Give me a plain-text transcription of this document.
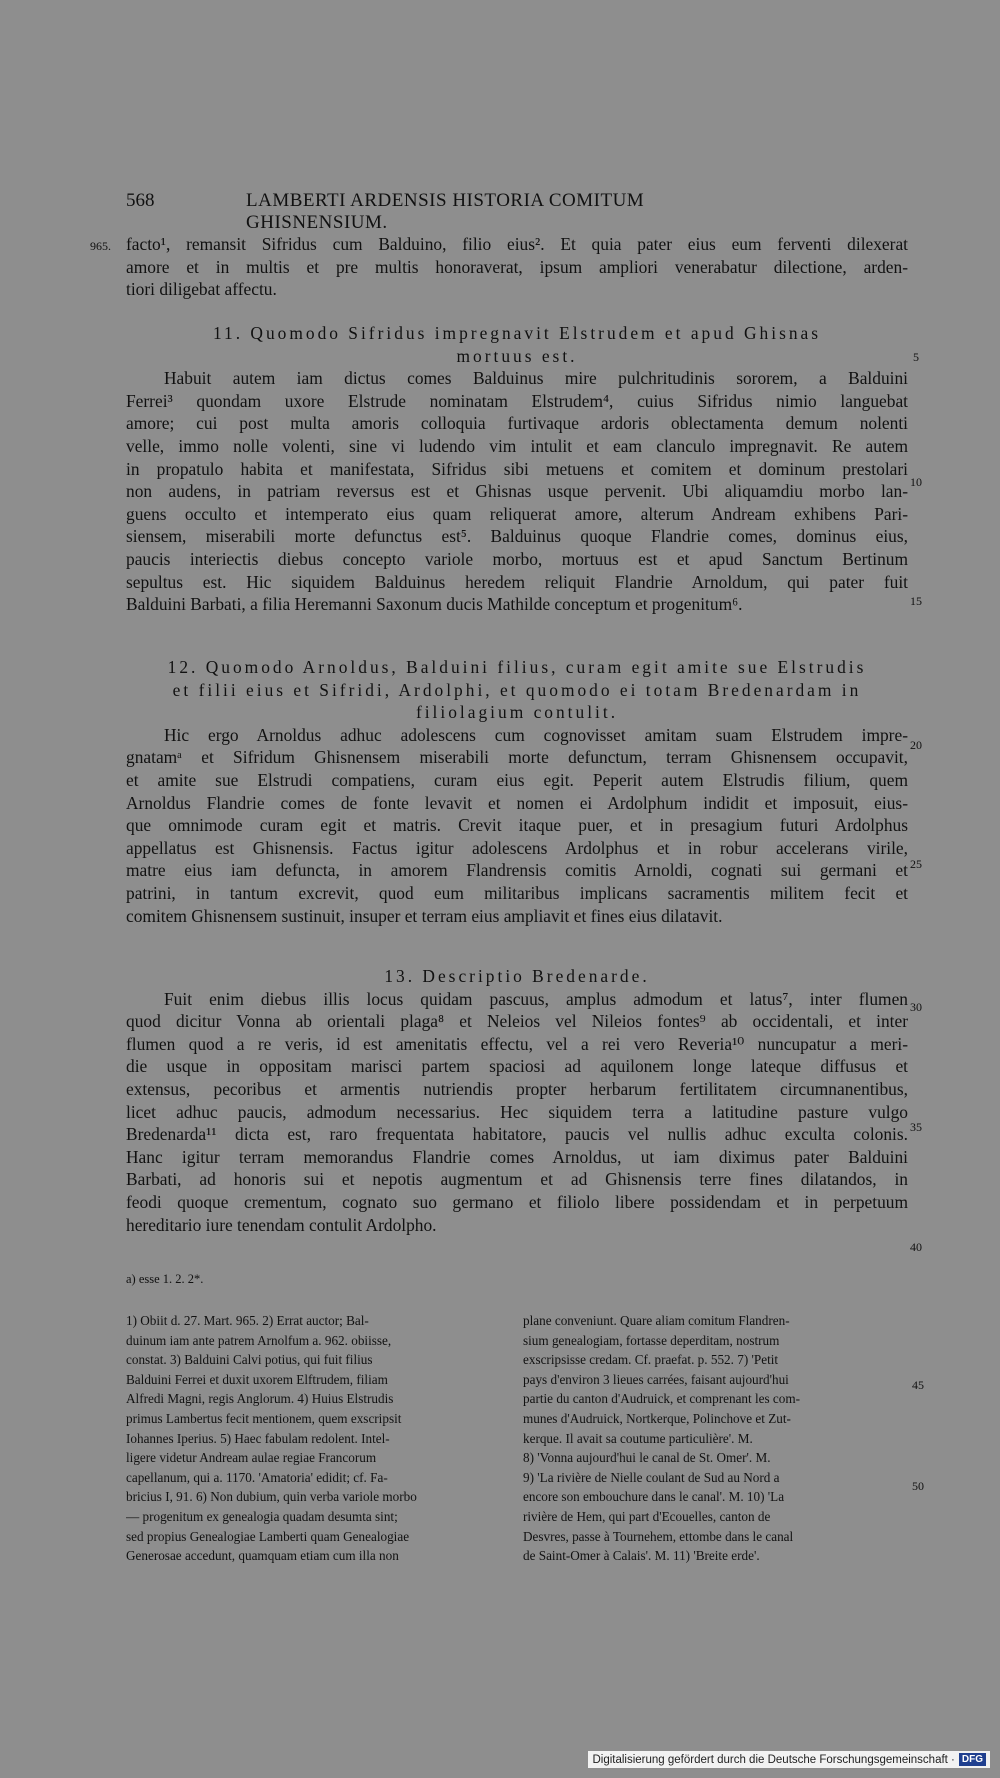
568	LAMBERTI ARDENSIS HISTORIA COMITUM GHISNENSIUM.
965. facto¹, remansit Sifridus cum Balduino, filio eius². Et quia pater eius eum ferventi dilexerat
amore et in multis et pre multis honoraverat, ipsum ampliori venerabatur dilectione, arden-
tiori diligebat affectu.
11. Quomodo Sifridus impregnavit Elstrudem et apud Ghisnas
mortuus est.
Habuit autem iam dictus comes Balduinus mire pulchritudinis sororem, a Balduini
Ferrei³ quondam uxore Elstrude nominatam Elstrudem⁴, cuius Sifridus nimio languebat
amore; cui post multa amoris colloquia furtivaque ardoris oblectamenta demum nolenti
velle, immo nolle volenti, sine vi ludendo vim intulit et eam clanculo impregnavit. Re autem
in propatulo habita et manifestata, Sifridus sibi metuens et comitem et dominum prestolari
non audens, in patriam reversus est et Ghisnas usque pervenit. Ubi aliquamdiu morbo lan-
guens occulto et intemperato eius quam reliquerat amore, alterum Andream exhibens Pari-
siensem, miserabili morte defunctus est⁵. Balduinus quoque Flandrie comes, dominus eius,
paucis interiectis diebus concepto variole morbo, mortuus est et apud Sanctum Bertinum
sepultus est. Hic siquidem Balduinus heredem reliquit Flandrie Arnoldum, qui pater fuit
Balduini Barbati, a filia Heremanni Saxonum ducis Mathilde conceptum et progenitum⁶.
12. Quomodo Arnoldus, Balduini filius, curam egit amite sue Elstrudis
et filii eius et Sifridi, Ardolphi, et quomodo ei totam Bredenardam in
filiolagium contulit.
Hic ergo Arnoldus adhuc adolescens cum cognovisset amitam suam Elstrudem impre-
gnatamᵃ et Sifridum Ghisnensem miserabili morte defunctum, terram Ghisnensem occupavit,
et amite sue Elstrudi compatiens, curam eius egit. Peperit autem Elstrudis filium, quem
Arnoldus Flandrie comes de fonte levavit et nomen ei Ardolphum indidit et imposuit, eius-
que omnimode curam egit et matris. Crevit itaque puer, et in presagium futuri Ardolphus
appellatus est Ghisnensis. Factus igitur adolescens Ardolphus et in robur accelerans virile,
matre eius iam defuncta, in amorem Flandrensis comitis Arnoldi, cognati sui germani et
patrini, in tantum excrevit, quod eum militaribus implicans sacramentis militem fecit et
comitem Ghisnensem sustinuit, insuper et terram eius ampliavit et fines eius dilatavit.
13. Descriptio Bredenarde.
Fuit enim diebus illis locus quidam pascuus, amplus admodum et latus⁷, inter flumen
quod dicitur Vonna ab orientali plaga⁸ et Neleios vel Nileios fontes⁹ ab occidentali, et inter
flumen quod a re veris, id est amenitatis effectu, vel a rei vero Reveria¹⁰ nuncupatur a meri-
die usque in oppositam marisci partem spaciosi ad aquilonem longe lateque diffusus et
extensus, pecoribus et armentis nutriendis propter herbarum fertilitatem circumnanentibus,
licet adhuc paucis, admodum necessarius. Hec siquidem terra a latitudine pasture vulgo
Bredenarda¹¹ dicta est, raro frequentata habitatore, paucis vel nullis adhuc exculta colonis.
Hanc igitur terram memorandus Flandrie comes Arnoldus, ut iam diximus pater Balduini
Barbati, ad honoris sui et nepotis augmentum et ad Ghisnensis terre fines dilatandos, in
feodi quoque crementum, cognato suo germano et filiolo libere possidendam et in perpetuum
hereditario iure tenendam contulit Ardolpho.
5
10
15
20
25
30
35
40
45
50
a) esse 1. 2. 2*.
1) Obiit d. 27. Mart. 965. 2) Errat auctor; Bal-
duinum iam ante patrem Arnolfum a. 962. obiisse,
constat. 3) Balduini Calvi potius, qui fuit filius
Balduini Ferrei et duxit uxorem Elftrudem, filiam
Alfredi Magni, regis Anglorum. 4) Huius Elstrudis
primus Lambertus fecit mentionem, quem exscripsit
Iohannes Iperius. 5) Haec fabulam redolent. Intel-
ligere videtur Andream aulae regiae Francorum
capellanum, qui a. 1170. 'Amatoria' edidit; cf. Fa-
bricius I, 91. 6) Non dubium, quin verba variole morbo
— progenitum ex genealogia quadam desumta sint;
sed propius Genealogiae Lamberti quam Genealogiae
Generosae accedunt, quamquam etiam cum illa non
plane conveniunt. Quare aliam comitum Flandren-
sium genealogiam, fortasse deperditam, nostrum
exscripsisse credam. Cf. praefat. p. 552. 7) 'Petit
pays d'environ 3 lieues carrées, faisant aujourd'hui
partie du canton d'Audruick, et comprenant les com-
munes d'Audruick, Nortkerque, Polinchove et Zut-
kerque. Il avait sa coutume particulière'. M.
8) 'Vonna aujourd'hui le canal de St. Omer'. M.
9) 'La rivière de Nielle coulant de Sud au Nord a
encore son embouchure dans le canal'. M. 10) 'La
rivière de Hem, qui part d'Ecouelles, canton de
Desvres, passe à Tournehem, ettombe dans le canal
de Saint-Omer à Calais'. M. 11) 'Breite erde'.
Digitalisierung gefördert durch die Deutsche Forschungsgemeinschaft · DFG
